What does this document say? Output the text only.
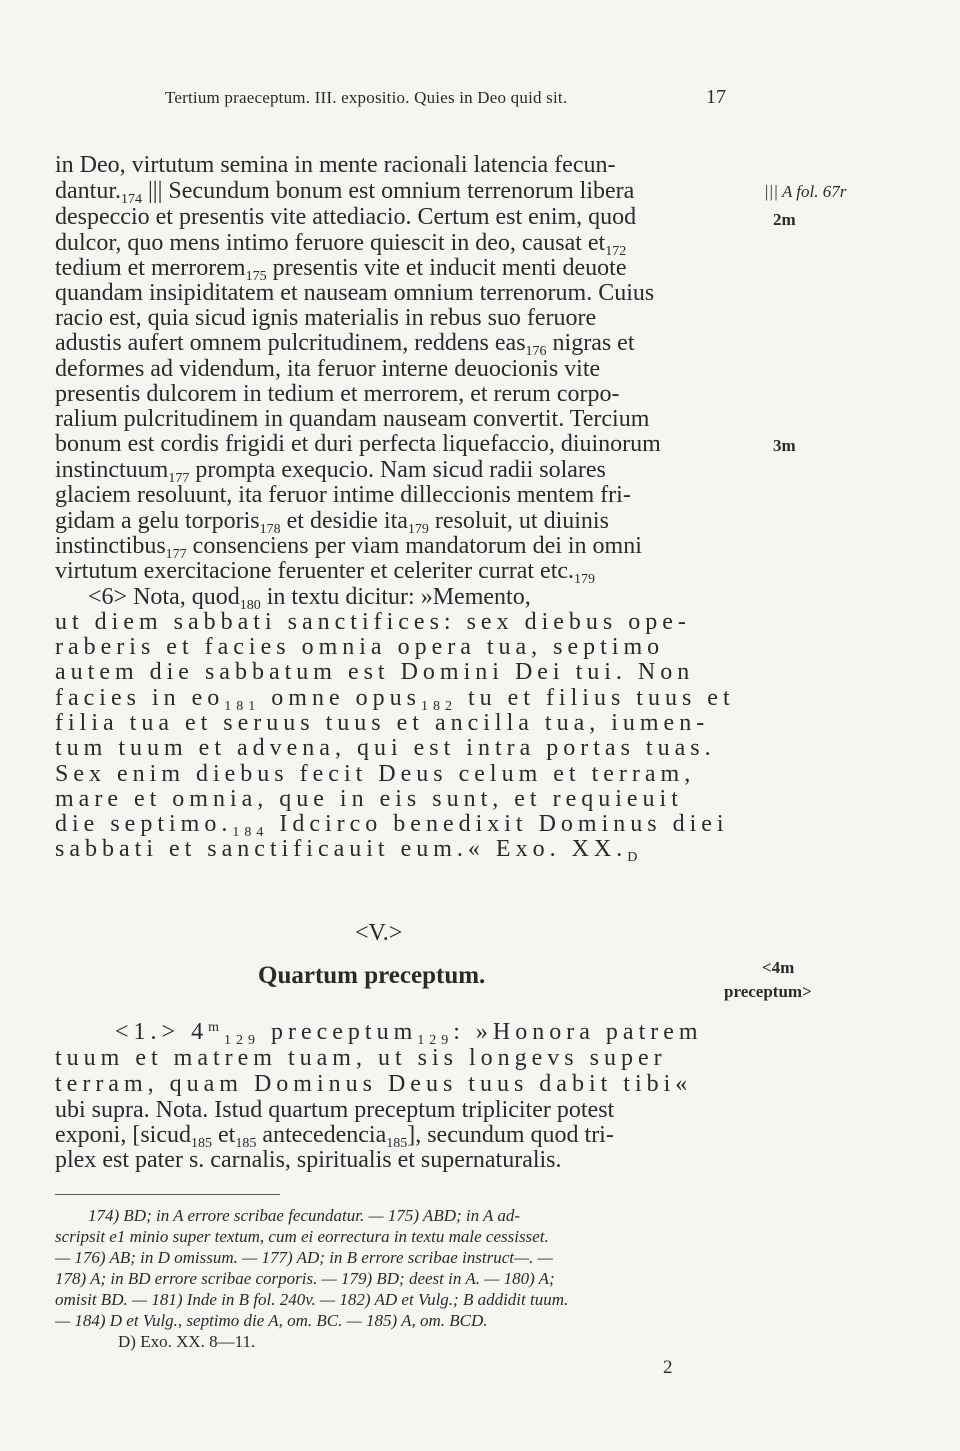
Tertium praeceptum. III. expositio. Quies in Deo quid sit.	17
in Deo, virtutum semina in mente racionali latencia fecun-
$dantur._{174}$ ||| Secundum bonum est omnium terrenorum libera
despeccio et presentis vite attediacio. Certum est enim, quod
dulcor, quo mens intimo feruore quiescit in deo, causat $et_{172}$
tedium et merrorem$_{175}$ presentis vite et inducit menti deuote
quandam insipiditatem et nauseam omnium terrenorum. Cuius
racio est, quia sicud ignis materialis in rebus suo feruore
adustis aufert omnem pulcritudinem, reddens eas$_{176}$ nigras et
deformes ad videndum, ita feruor interne deuocionis vite
presentis dulcorem in tedium et merrorem, et rerum corpo-
ralium pulcritudinem in quandam nauseam convertit. Tercium
bonum est cordis frigidi et duri perfecta liquefaccio, diuinorum
instinctuum$_{177}$ prompta exequcio. Nam sicud radii solares
glaciem resoluunt, ita feruor intime dilleccionis mentem fri-
gidam a gelu torporis$_{178}$ et desidie ita$_{179}$ resoluit, ut diuinis
instinctibus$_{177}$ consenciens per viam mandatorum dei in omni
virtutum exercitacione feruenter et celeriter currat $etc._{179}$
<6> Nota, quod$_{180}$ in textu dicitur: »Memento,
ut diem sabbati sanctifices: sex diebus ope-
raberis et facies omnia opera tua, septimo
autem die sabbatum est Domini Dei tui. Non
facies in $eo_{181}$ omne opus$_{182}$ tu et filius tuus et
filia tua et seruus tuus et ancilla tua, iumen-
tum tuum et advena, qui est intra portas tuas.
Sex enim diebus fecit Deus celum et terram,
mare et omnia, que in eis sunt, et requieuit
die $septimo._{184}$ Idcirco benedixit Dominus diei
sabbati et sanctificauit eum.« Exo. $XX._D$
||| A fol. 67r
2m
3m
<4m
preceptum>
<V.>
Quartum preceptum.
$<1.> 4^m_{129}$ preceptum$_{129}$: »Honora patrem
tuum et matrem tuam, ut sis longevs super
terram, quam Dominus Deus tuus dabit tibi«
ubi supra. Nota. Istud quartum preceptum tripliciter potest
exponi, [sicud$_{185}$ $et_{185}$ antecedencia$_{185}$], secundum quod tri-
plex est pater s. carnalis, spiritualis et supernaturalis.
174) BD; in A errore scribae fecundatur. — 175) ABD; in A ad-
scripsit e1 minio super textum, cum ei eorrectura in textu male cessisset.
— 176) AB; in D omissum. — 177) AD; in B errore scribae instruct—. —
178) A; in BD errore scribae corporis. — 179) BD; deest in A. — 180) A;
omisit BD. — 181) Inde in B fol. 240v. — 182) AD et Vulg.; B addidit tuum.
— 184) D et Vulg., septimo die A, om. BC. — 185) A, om. BCD.
D) Exo. XX. 8—11.
2
